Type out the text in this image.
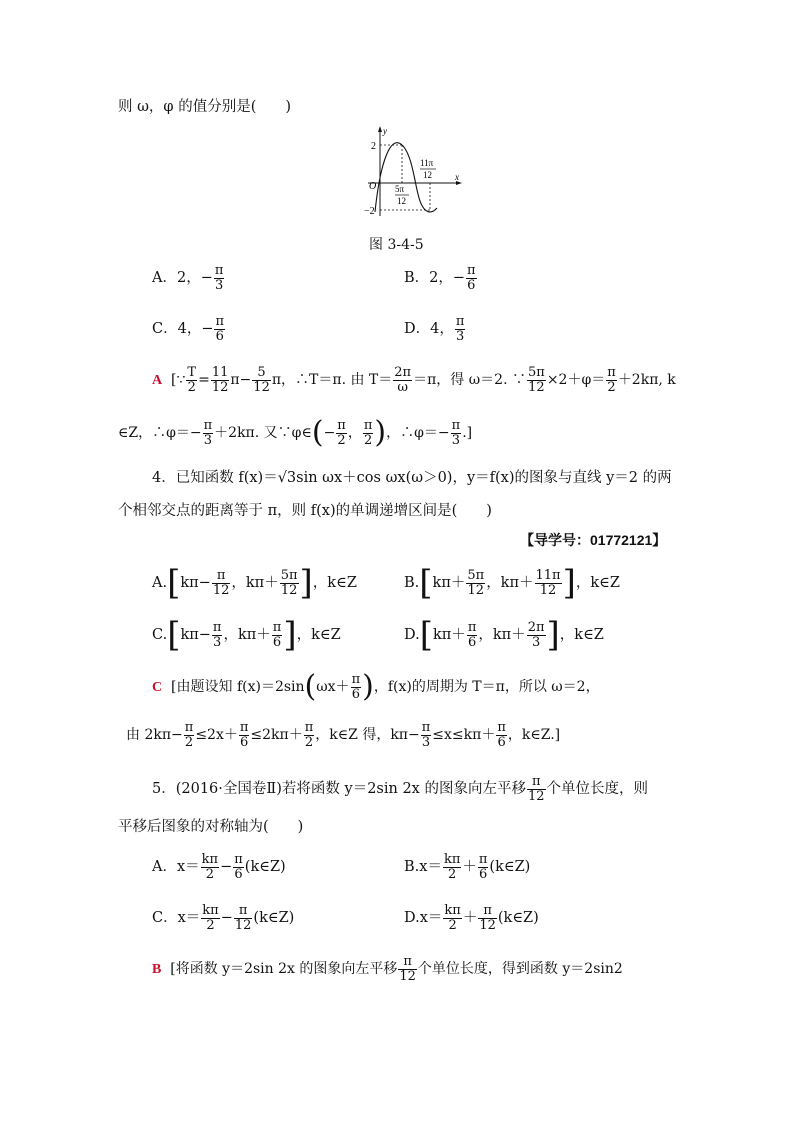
则 ω，φ 的值分别是(　　)
y
x
O
2
−2
11π
12
5π
12
图 3-4-5
A．2，− $\frac{\pi}{3}$	B．2，− $\frac{\pi}{6}$
C．4，− $\frac{\pi}{6}$	D．4， $\frac{\pi}{3}$
A [∵ $\frac{T}{2} = \frac{11}{12} \pi- \frac{5}{12}$ π，∴T＝π. 由 $T= \frac{2\pi}{\omega} =\pi$，得 ω＝2. ∵ $\frac{5\pi}{12} \times 2+\varphi= \frac{\pi}{2} +2k\pi$, k
∈Z，∴φ＝− $\frac{\pi}{3} +2k\pi$. 又∵φ∈(− $\frac{\pi}{2}$ ， $\frac{\pi}{2}$ )，∴φ＝− $\frac{\pi}{3}$ .]
4．已知函数 f(x)＝√3sin ωx＋cos ωx(ω＞0)，y＝f(x)的图象与直线 y＝2 的两
个相邻交点的距离等于 π，则 f(x)的单调递增区间是(　　)
【导学号：01772121】
$A.[k\pi- \frac{\pi}{12}$ ，$k\pi+ \frac{5\pi}{12}$ ]，k∈Z	$B.[k\pi+ \frac{5\pi}{12}$ ，$k\pi+ \frac{11\pi}{12}$ ]，k∈Z
$C.[k\pi- \frac{\pi}{3}$ ，$k\pi+ \frac{\pi}{6}$ ]，k∈Z	$D.[k\pi+ \frac{\pi}{6}$ ，$k\pi+ \frac{2\pi}{3}$ ]，k∈Z
C [由题设知 $f(x)=2\sin(\omega x+ \frac{\pi}{6}$ )，f(x)的周期为 T＝π，所以 ω＝2，
由 $2k\pi- \frac{\pi}{2} \le 2x+ \frac{\pi}{6} \le 2k\pi+ \frac{\pi}{2}$ ，k∈Z 得，$k\pi- \frac{\pi}{3} \le x\le k\pi+ \frac{\pi}{6}$ ，k∈Z.]
5．(2016·全国卷Ⅱ)若将函数 y＝2sin 2x 的图象向左平移 $\frac{\pi}{12}$ 个单位长度，则
平移后图象的对称轴为(　　)
A．$x= \frac{k\pi}{2} - \frac{\pi}{6}$ (k∈Z)	$B.x= \frac{k\pi}{2} + \frac{\pi}{6}$ (k∈Z)
C．$x= \frac{k\pi}{2} - \frac{\pi}{12}$ (k∈Z)	$D.x= \frac{k\pi}{2} + \frac{\pi}{12}$ (k∈Z)
B [将函数 y＝2sin 2x 的图象向左平移 $\frac{\pi}{12}$ 个单位长度，得到函数 y＝2sin2
